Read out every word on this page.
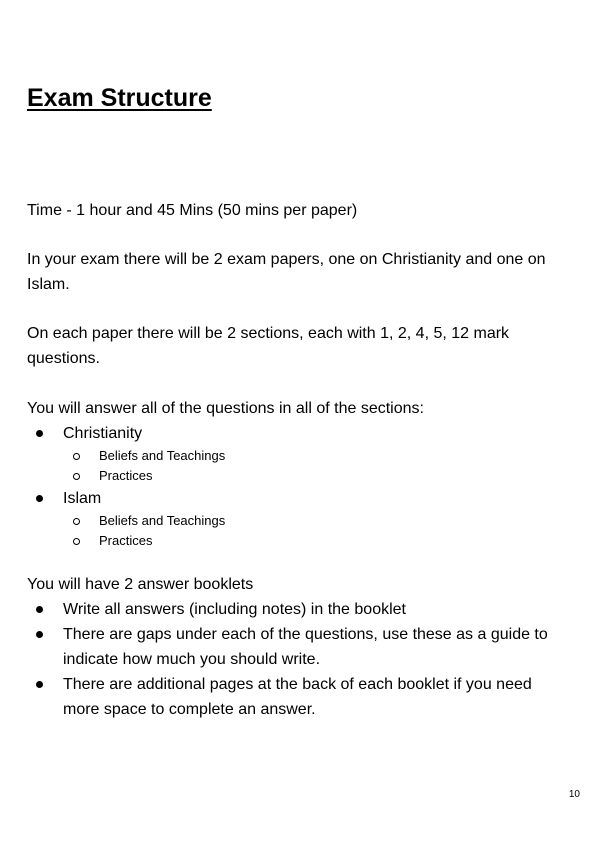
Exam Structure

Time - 1 hour and 45 Mins (50 mins per paper)

In your exam there will be 2 exam papers, one on Christianity and one on Islam.

On each paper there will be 2 sections, each with 1, 2, 4, 5, 12 mark questions.

You will answer all of the questions in all of the sections:

Christianity
Beliefs and Teachings
Practices
Islam
Beliefs and Teachings
Practices

You will have 2 answer booklets

Write all answers (including notes) in the booklet
There are gaps under each of the questions, use these as a guide to indicate how much you should write.
There are additional pages at the back of each booklet if you need more space to complete an answer.
10
